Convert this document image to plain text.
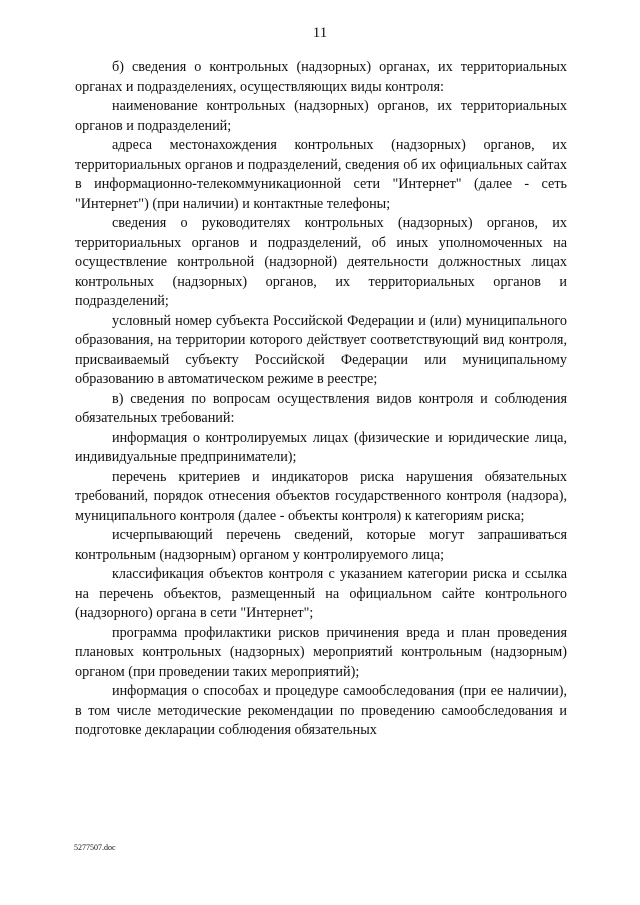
11

б) сведения о контрольных (надзорных) органах, их территориальных органах и подразделениях, осуществляющих виды контроля:

наименование контрольных (надзорных) органов, их территориальных органов и подразделений;

адреса местонахождения контрольных (надзорных) органов, их территориальных органов и подразделений, сведения об их официальных сайтах в информационно-телекоммуникационной сети "Интернет" (далее - сеть "Интернет") (при наличии) и контактные телефоны;

сведения о руководителях контрольных (надзорных) органов, их территориальных органов и подразделений, об иных уполномоченных на осуществление контрольной (надзорной) деятельности должностных лицах контрольных (надзорных) органов, их территориальных органов и подразделений;

условный номер субъекта Российской Федерации и (или) муниципального образования, на территории которого действует соответствующий вид контроля, присваиваемый субъекту Российской Федерации или муниципальному образованию в автоматическом режиме в реестре;

в) сведения по вопросам осуществления видов контроля и соблюдения обязательных требований:

информация о контролируемых лицах (физические и юридические лица, индивидуальные предприниматели);

перечень критериев и индикаторов риска нарушения обязательных требований, порядок отнесения объектов государственного контроля (надзора), муниципального контроля (далее - объекты контроля) к категориям риска;

исчерпывающий перечень сведений, которые могут запрашиваться контрольным (надзорным) органом у контролируемого лица;

классификация объектов контроля с указанием категории риска и ссылка на перечень объектов, размещенный на официальном сайте контрольного (надзорного) органа в сети "Интернет";

программа профилактики рисков причинения вреда и план проведения плановых контрольных (надзорных) мероприятий контрольным (надзорным) органом (при проведении таких мероприятий);

информация о способах и процедуре самообследования (при ее наличии), в том числе методические рекомендации по проведению самообследования и подготовке декларации соблюдения обязательных

5277507.doc
